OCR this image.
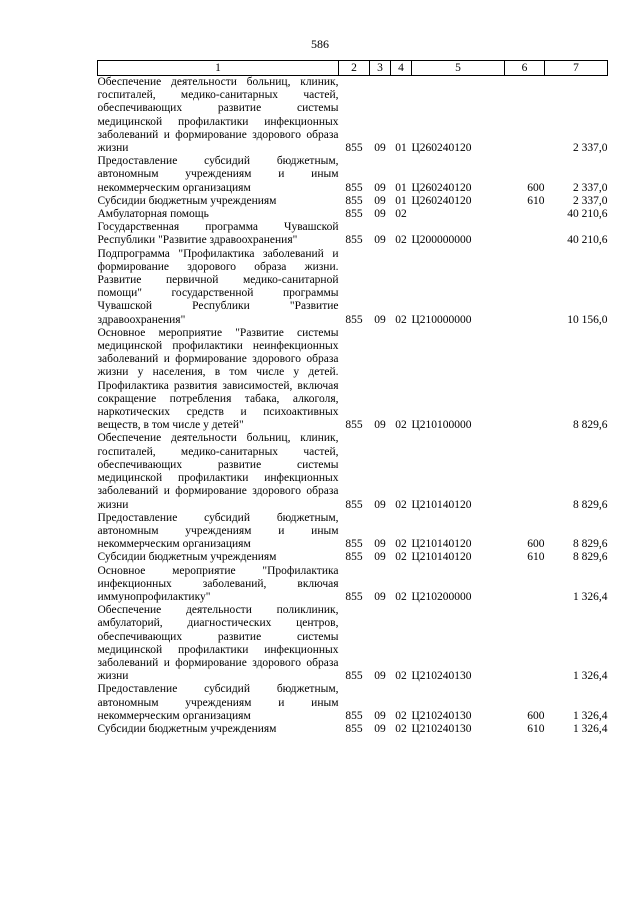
586
1	2	3	4	5	6	7
Обеспечение деятельности больниц, клиник, госпиталей, медико-санитарных частей, обеспечивающих развитие системы медицинской профилактики инфекционных заболеваний и формирование здорового образа жизни	855	09	01	Ц260240120		2 337,0
Предоставление субсидий бюджетным, автономным учреждениям и иным некоммерческим организациям	855	09	01	Ц260240120	600	2 337,0
Субсидии бюджетным учреждениям	855	09	01	Ц260240120	610	2 337,0
Амбулаторная помощь	855	09	02			40 210,6
Государственная программа Чувашской Республики "Развитие здравоохранения"	855	09	02	Ц200000000		40 210,6
Подпрограмма "Профилактика заболеваний и формирование здорового образа жизни. Развитие первичной медико-санитарной помощи" государственной программы Чувашской Республики "Развитие здравоохранения"	855	09	02	Ц210000000		10 156,0
Основное мероприятие "Развитие системы медицинской профилактики неинфекционных заболеваний и формирование здорового образа жизни у населения, в том числе у детей. Профилактика развития зависимостей, включая сокращение потребления табака, алкоголя, наркотических средств и психоактивных веществ, в том числе у детей"	855	09	02	Ц210100000		8 829,6
Обеспечение деятельности больниц, клиник, госпиталей, медико-санитарных частей, обеспечивающих развитие системы медицинской профилактики инфекционных заболеваний и формирование здорового образа жизни	855	09	02	Ц210140120		8 829,6
Предоставление субсидий бюджетным, автономным учреждениям и иным некоммерческим организациям	855	09	02	Ц210140120	600	8 829,6
Субсидии бюджетным учреждениям	855	09	02	Ц210140120	610	8 829,6
Основное мероприятие "Профилактика инфекционных заболеваний, включая иммунопрофилактику"	855	09	02	Ц210200000		1 326,4
Обеспечение деятельности поликлиник, амбулаторий, диагностических центров, обеспечивающих развитие системы медицинской профилактики инфекционных заболеваний и формирование здорового образа жизни	855	09	02	Ц210240130		1 326,4
Предоставление субсидий бюджетным, автономным учреждениям и иным некоммерческим организациям	855	09	02	Ц210240130	600	1 326,4
Субсидии бюджетным учреждениям	855	09	02	Ц210240130	610	1 326,4
